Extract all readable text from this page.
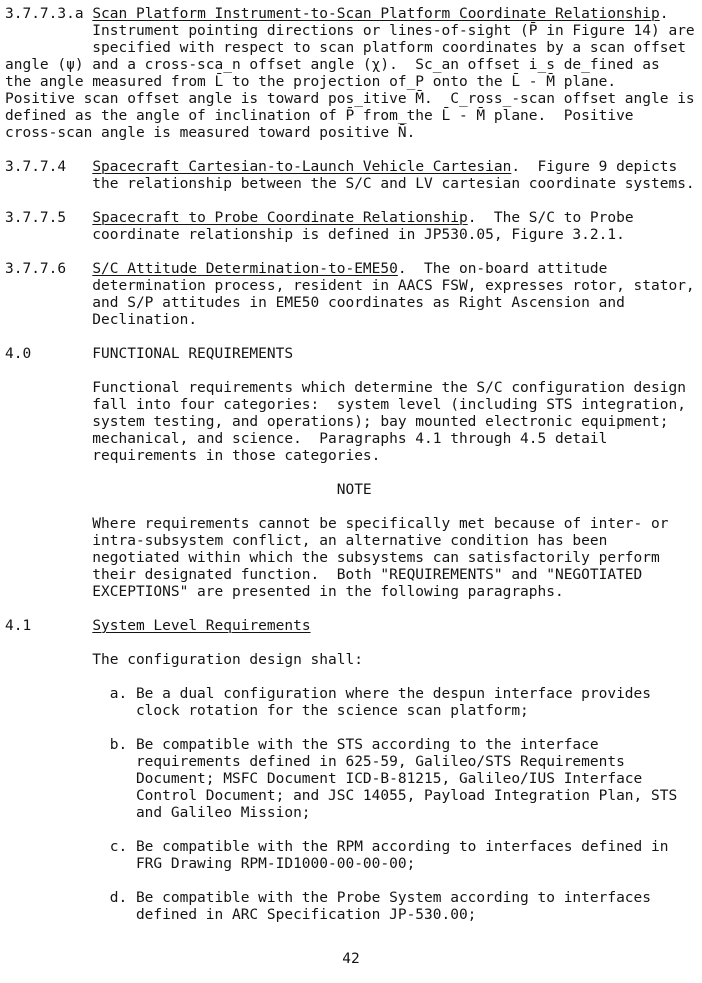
3.7.7.3.a Scan Platform Instrument-to-Scan Platform Coordinate Relationship.
Instrument pointing directions or lines-of-sight (P̄ in Figure 14) are
specified with respect to scan platform coordinates by a scan offset
angle (ψ) and a cross-sca̲n offset angle (χ).  Sc̲an offset i̲s de̲fined as
the angle measured from L̄ to the projection of_P onto the L̄ - M̄ plane.
Positive scan offset angle is toward pos̲itive M̄.  C̲ross̲-scan offset angle is
defined as the angle of inclination of P̄ from_the L̄ - M̄ plane.  Positive
cross-scan angle is measured toward positive N̄.

3.7.7.4   Spacecraft Cartesian-to-Launch Vehicle Cartesian.  Figure 9 depicts
the relationship between the S/C and LV cartesian coordinate systems.

3.7.7.5   Spacecraft to Probe Coordinate Relationship.  The S/C to Probe
coordinate relationship is defined in JP530.05, Figure 3.2.1.

3.7.7.6   S/C Attitude Determination-to-EME50.  The on-board attitude
determination process, resident in AACS FSW, expresses rotor, stator,
and S/P attitudes in EME50 coordinates as Right Ascension and
Declination.

4.0       FUNCTIONAL REQUIREMENTS

Functional requirements which determine the S/C configuration design
fall into four categories:  system level (including STS integration,
system testing, and operations); bay mounted electronic equipment;
mechanical, and science.  Paragraphs 4.1 through 4.5 detail
requirements in those categories.

NOTE

Where requirements cannot be specifically met because of inter- or
intra-subsystem conflict, an alternative condition has been
negotiated within which the subsystems can satisfactorily perform
their designated function.  Both "REQUIREMENTS" and "NEGOTIATED
EXCEPTIONS" are presented in the following paragraphs.

4.1       System Level Requirements

The configuration design shall:

a. Be a dual configuration where the despun interface provides
clock rotation for the science scan platform;

b. Be compatible with the STS according to the interface
requirements defined in 625-59, Galileo/STS Requirements
Document; MSFC Document ICD-B-81215, Galileo/IUS Interface
Control Document; and JSC 14055, Payload Integration Plan, STS
and Galileo Mission;

c. Be compatible with the RPM according to interfaces defined in
FRG Drawing RPM-ID1000-00-00-00;

d. Be compatible with the Probe System according to interfaces
defined in ARC Specification JP-530.00;
42
